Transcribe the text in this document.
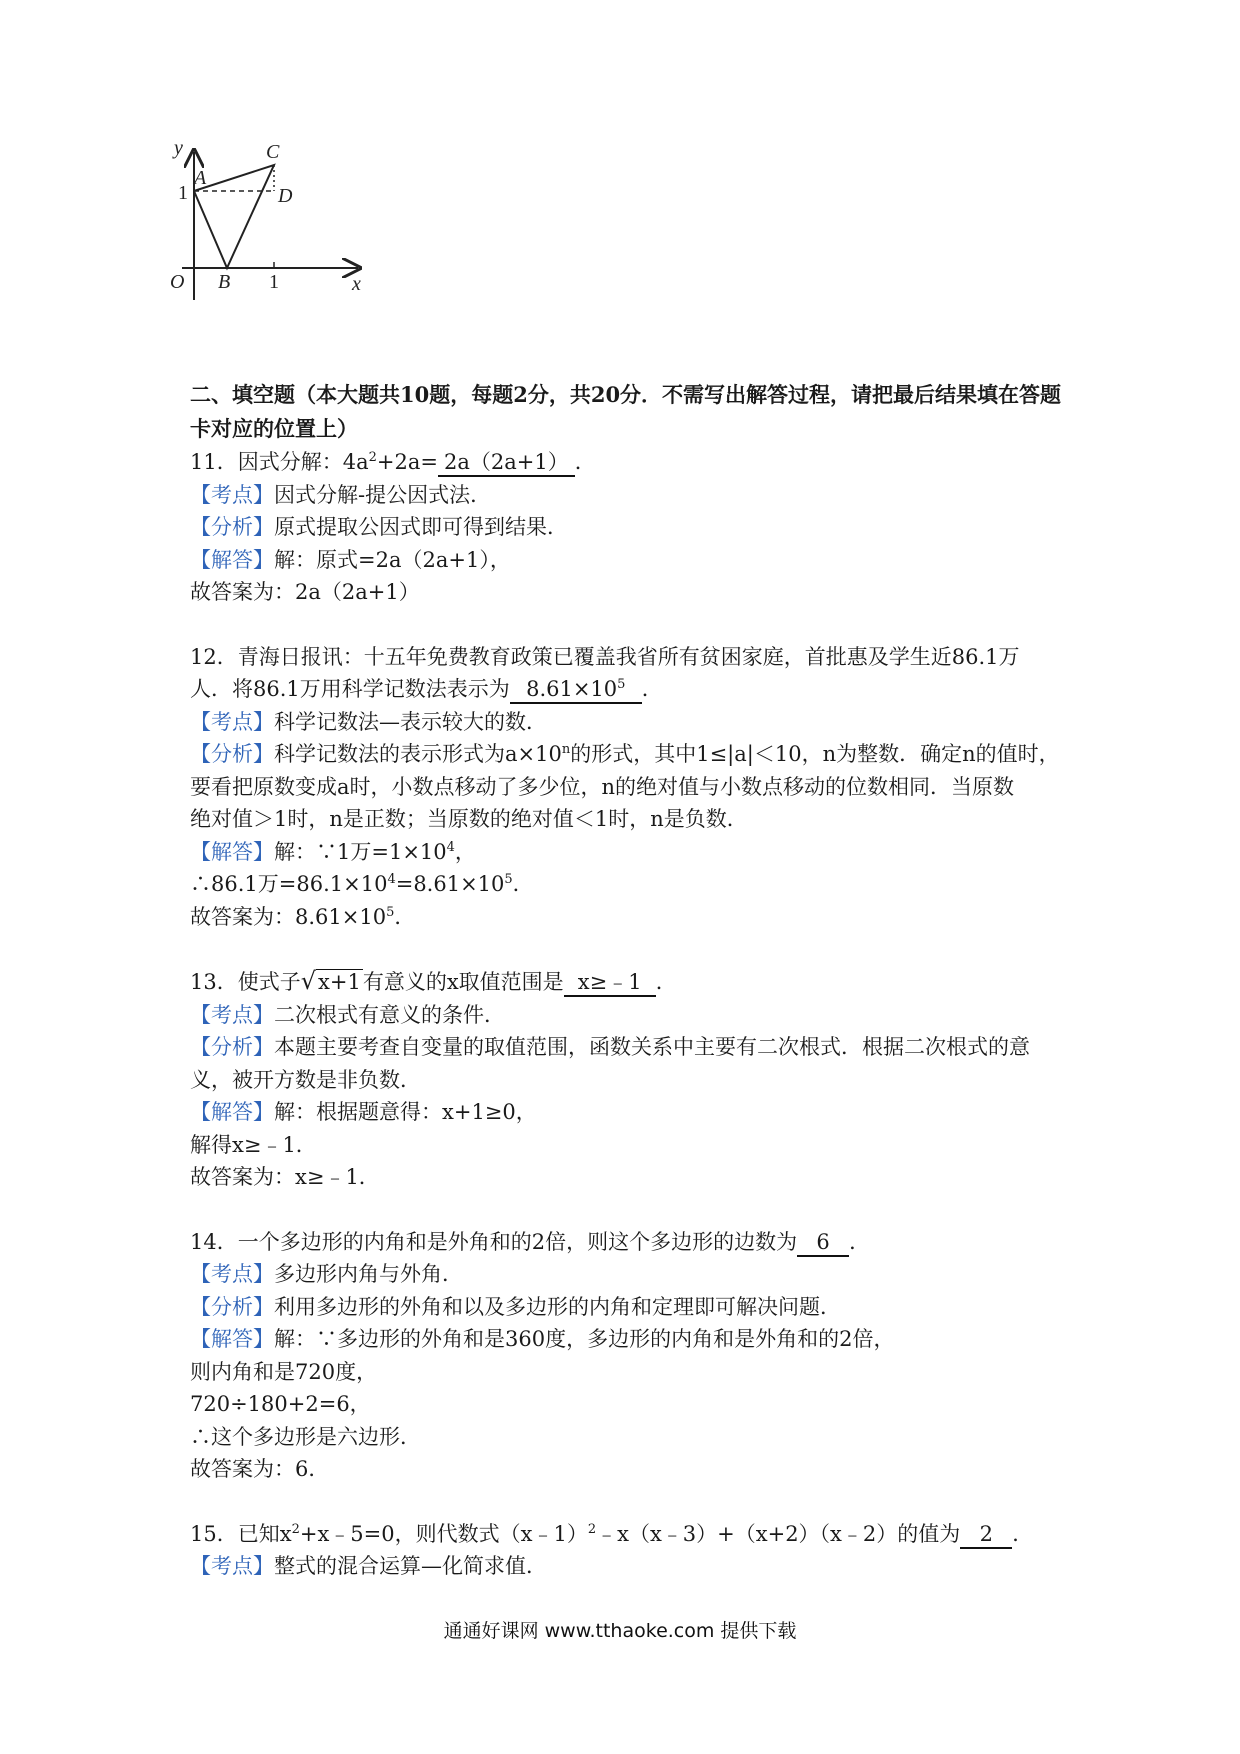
y
x
O
A
B
C
D
1
1
二、填空题（本大题共10题，每题2分，共20分．不需写出解答过程，请把最后结果填在答题卡对应的位置上）
11．因式分解：$4a^2+2a= 2a(2a+1)$ ．
【考点】因式分解-提公因式法．
【分析】原式提取公因式即可得到结果．
【解答】解：原式=2a（2a+1），
故答案为：2a（2a+1）
12．青海日报讯：十五年免费教育政策已覆盖我省所有贫困家庭，首批惠及学生近86.1万
人．将86.1万用科学记数法表示为 $8.61\times 10^5$ ．
【考点】科学记数法—表示较大的数．
【分析】科学记数法的表示形式为$a\times 10^n$的形式，其中1≤|a|＜10，n为整数．确定n的值时，
要看把原数变成a时，小数点移动了多少位，n的绝对值与小数点移动的位数相同．当原数
绝对值＞1时，n是正数；当原数的绝对值＜1时，n是负数．
【解答】解：∵1万$=1\times 10^4$，
∴86.1万$=86.1\times 10^4=8.61\times 10^5$．
故答案为：$8.61\times 10^5$．
13．使式子√x+1有意义的x取值范围是 x≥﹣1 ．
【考点】二次根式有意义的条件．
【分析】本题主要考查自变量的取值范围，函数关系中主要有二次根式．根据二次根式的意
义，被开方数是非负数．
【解答】解：根据题意得：x+1≥0，
解得x≥﹣1．
故答案为：x≥﹣1．
14．一个多边形的内角和是外角和的2倍，则这个多边形的边数为 6 ．
【考点】多边形内角与外角．
【分析】利用多边形的外角和以及多边形的内角和定理即可解决问题．
【解答】解：∵多边形的外角和是360度，多边形的内角和是外角和的2倍，
则内角和是720度，
720÷180+2=6，
∴这个多边形是六边形．
故答案为：6．
15．已知$x^2+x﹣5=0$，则代数式（x﹣1）$^2$﹣x（x﹣3）+（x+2）（x﹣2）的值为 2 ．
【考点】整式的混合运算—化简求值．
通通好课网 www.tthaoke.com 提供下载
